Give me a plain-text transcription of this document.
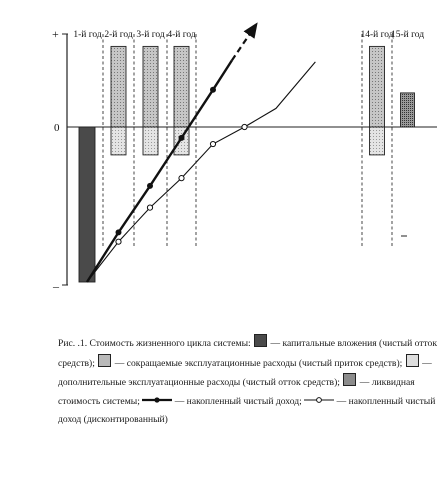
+
0
–
1-й год 2-й год 3-й год 4-й год	14-й год
15-й год
Рис. .1. Стоимость жизненного цикла системы: — капитальные вложения (чистый отток средств); — сокращаемые эксплуатационные расходы (чистый приток средств); — дополнительные эксплуатационные расходы (чистый отток средств); — ликвидная стоимость системы;	— накопленный чистый доход;	— накопленный чистый доход (дисконтированный)
